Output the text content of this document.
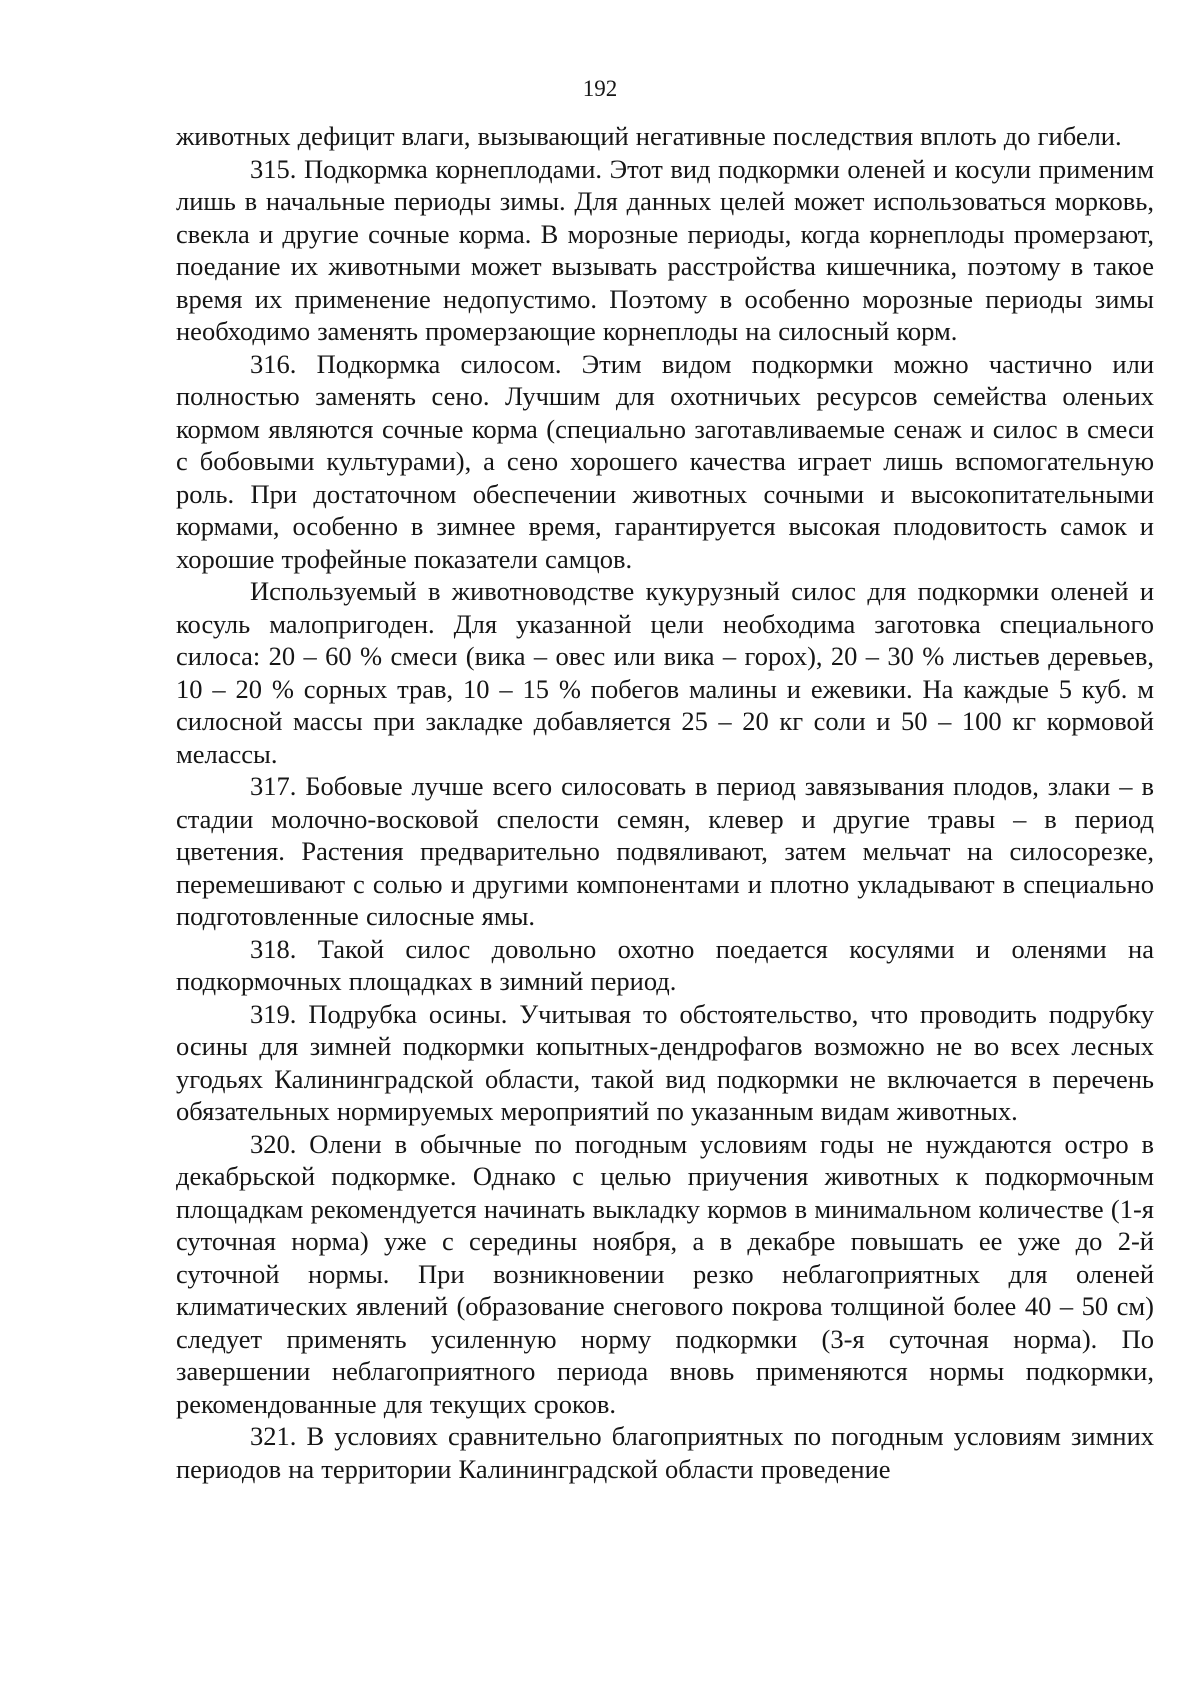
192

животных дефицит влаги, вызывающий негативные последствия вплоть до гибели.

315. Подкормка корнеплодами. Этот вид подкормки оленей и косули применим лишь в начальные периоды зимы. Для данных целей может использоваться морковь, свекла и другие сочные корма. В морозные периоды, когда корнеплоды промерзают, поедание их животными может вызывать расстройства кишечника, поэтому в такое время их применение недопустимо. Поэтому в особенно морозные периоды зимы необходимо заменять промерзающие корнеплоды на силосный корм.

316. Подкормка силосом. Этим видом подкормки можно частично или полностью заменять сено. Лучшим для охотничьих ресурсов семейства оленьих кормом являются сочные корма (специально заготавливаемые сенаж и силос в смеси с бобовыми культурами), а сено хорошего качества играет лишь вспомогательную роль. При достаточном обеспечении животных сочными и высокопитательными кормами, особенно в зимнее время, гарантируется высокая плодовитость самок и хорошие трофейные показатели самцов.

Используемый в животноводстве кукурузный силос для подкормки оленей и косуль малопригоден. Для указанной цели необходима заготовка специального силоса: 20 – 60 % смеси (вика – овес или вика – горох), 20 – 30 % листьев деревьев, 10 – 20 % сорных трав, 10 – 15 % побегов малины и ежевики. На каждые 5 куб. м силосной массы при закладке добавляется 25 – 20 кг соли и 50 – 100 кг кормовой мелассы.

317. Бобовые лучше всего силосовать в период завязывания плодов, злаки – в стадии молочно-восковой спелости семян, клевер и другие травы – в период цветения. Растения предварительно подвяливают, затем мельчат на силосорезке, перемешивают с солью и другими компонентами и плотно укладывают в специально подготовленные силосные ямы.

318. Такой силос довольно охотно поедается косулями и оленями на подкормочных площадках в зимний период.

319. Подрубка осины. Учитывая то обстоятельство, что проводить подрубку осины для зимней подкормки копытных-дендрофагов возможно не во всех лесных угодьях Калининградской области, такой вид подкормки не включается в перечень обязательных нормируемых мероприятий по указанным видам животных.

320. Олени в обычные по погодным условиям годы не нуждаются остро в декабрьской подкормке. Однако с целью приучения животных к подкормочным площадкам рекомендуется начинать выкладку кормов в минимальном количестве (1-я суточная норма) уже с середины ноября, а в декабре повышать ее уже до 2-й суточной нормы. При возникновении резко неблагоприятных для оленей климатических явлений (образование снегового покрова толщиной более 40 – 50 см) следует применять усиленную норму подкормки (3-я суточная норма). По завершении неблагоприятного периода вновь применяются нормы подкормки, рекомендованные для текущих сроков.

321. В условиях сравнительно благоприятных по погодным условиям зимних периодов на территории Калининградской области проведение
